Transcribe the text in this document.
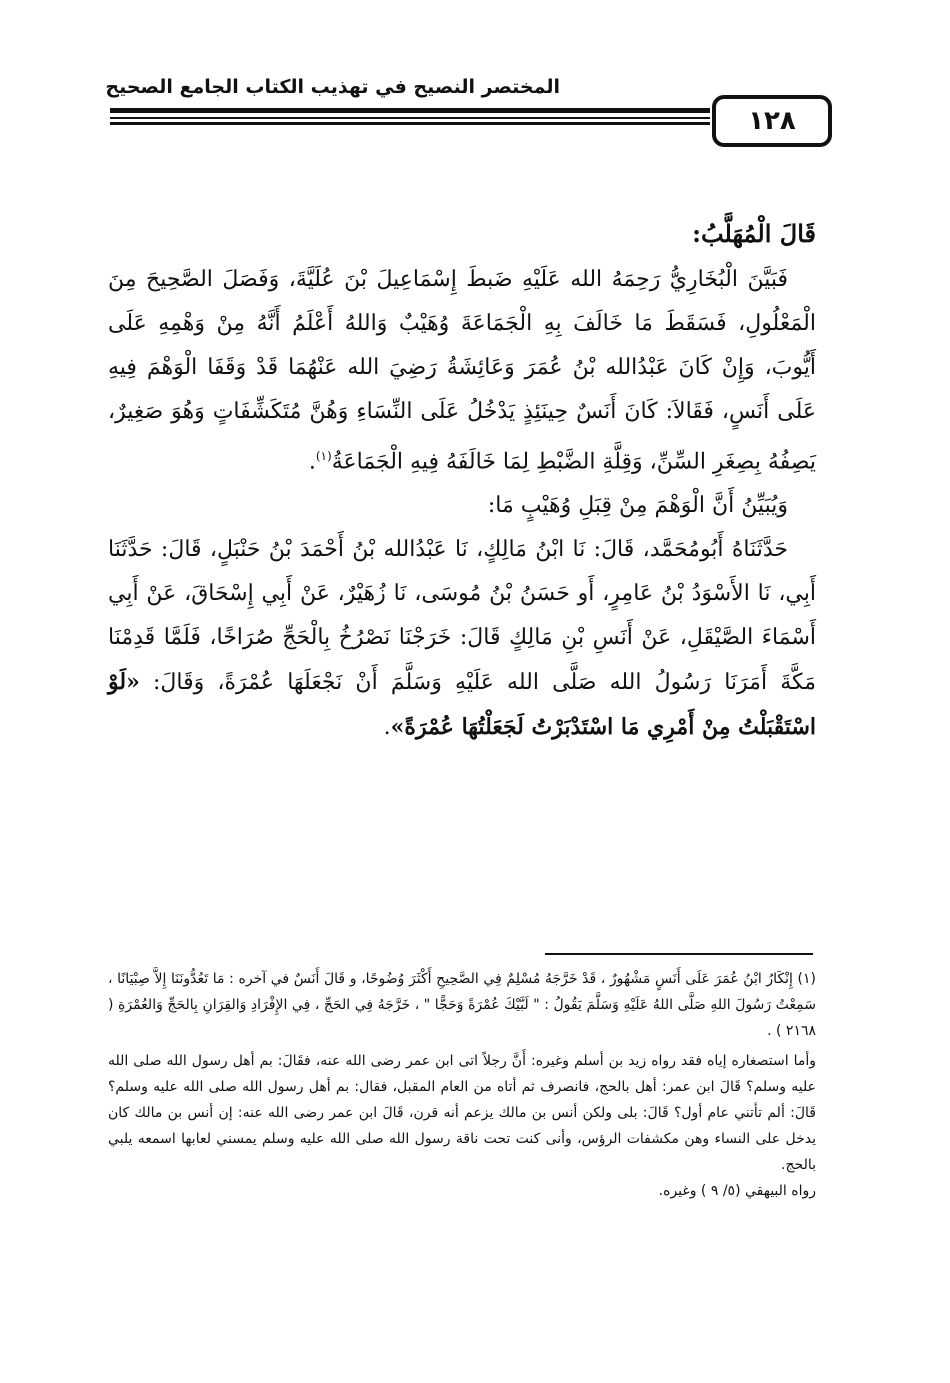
المختصر النصيح في تهذيب الكتاب الجامع الصحيح
١٢٨

قَالَ الْمُهَلَّبُ:

فَبَيَّنَ الْبُخَارِيُّ رَحِمَهُ الله عَلَيْهِ ضَبطَ إِسْمَاعِيلَ بْنَ عُلَيَّةَ، وَفَصَلَ الصَّحِيحَ مِنَ الْمَعْلُولِ، فَسَقَطَ مَا خَالَفَ بِهِ الْجَمَاعَةَ وُهَيْبٌ وَاللهُ أَعْلَمُ أَنَّهُ مِنْ وَهْمِهِ عَلَى أَيُّوبَ، وَإِنْ كَانَ عَبْدُالله بْنُ عُمَرَ وَعَائِشَةُ رَضِيَ الله عَنْهُمَا قَدْ وَقَفَا الْوَهْمَ فِيهِ عَلَى أَنَسٍ، فَقَالاَ: كَانَ أَنَسٌ حِينَئِذٍ يَدْخُلُ عَلَى النِّسَاءِ وَهُنَّ مُتَكَشِّفَاتٍ وَهُوَ صَغِيرٌ، يَصِفُهُ بِصِغَرِ السِّنِّ، وَقِلَّةِ الضَّبْطِ لِمَا خَالَفَهُ فِيهِ الْجَمَاعَةُ$^{(١)}$.

وَيُبَيِّنُ أَنَّ الْوَهْمَ مِنْ قِبَلِ وُهَيْبٍ مَا:

حَدَّثَنَاهُ أَبُومُحَمَّد، قَالَ: نَا ابْنُ مَالِكٍ، نَا عَبْدُالله بْنُ أَحْمَدَ بْنُ حَنْبَلٍ، قَالَ: حَدَّثَنَا أَبِي، نَا الأَسْوَدُ بْنُ عَامِرٍ، أَو حَسَنُ بْنُ مُوسَى، نَا زُهَيْرٌ، عَنْ أَبِي إِسْحَاقَ، عَنْ أَبِي أَسْمَاءَ الصَّيْقَلِ، عَنْ أَنَسِ بْنِ مَالِكٍ قَالَ: خَرَجْنَا نَصْرُخُ بِالْحَجِّ صُرَاخًا، فَلَمَّا قَدِمْنَا مَكَّةَ أَمَرَنَا رَسُولُ الله صَلَّى الله عَلَيْهِ وَسَلَّمَ أَنْ نَجْعَلَهَا عُمْرَةً، وَقَالَ: «لَوْ اسْتَقْبَلْتُ مِنْ أَمْرِي مَا اسْتَدْبَرْتُ لَجَعَلْتُهَا عُمْرَةً».

(١) إِنْكَارُ ابْنُ عُمَرَ عَلَى أَنَسٍ مَشْهُورٌ ، قَدْ خَرَّجَهُ مُسْلِمٌ فِي الصَّحِيحِ أَكْثَرَ وُضُوحًا، و قَالَ أَنَسٌ في آخره : مَا تَعُدُّونَنَا إِلاَّ صِبْيَانًا ، سَمِعْتُ رَسُولَ اللهِ صَلَّى اللهُ عَلَيْهِ وَسَلَّمَ يَقُولُ : " لَبَّيْكَ عُمْرَةً وَحَجًّا " ، خَرَّجَهُ فِي الحَجِّ ، فِي الإِفْرَادِ وَالقِرَانِ بِالحَجِّ وَالعُمْرَةِ ( ٢١٦٨ ) .

وأما استصغاره إياه فقد رواه زيد بن أسلم وغيره: أَنَّ رجلاً اتى ابن عمر رضى الله عنه، فقَالَ: بم أهل رسول الله صلى الله عليه وسلم؟ قَالَ ابن عمر: أهل بالحج، فانصرف ثم أتاه من العام المقبل، فقال: بم أهل رسول الله صلى الله عليه وسلم؟ قَالَ: ألم تأتني عام أول؟ قَالَ: بلى ولكن أنس بن مالك يزعم أنه قرن، قَالَ ابن عمر رضى الله عنه: إن أنس بن مالك كان يدخل على النساء وهن مكشفات الرؤس، وأنى كنت تحت ناقة رسول الله صلى الله عليه وسلم يمسني لعابها اسمعه يلبي بالحج.

رواه البيهقي (٥/ ٩ ) وغيره.
